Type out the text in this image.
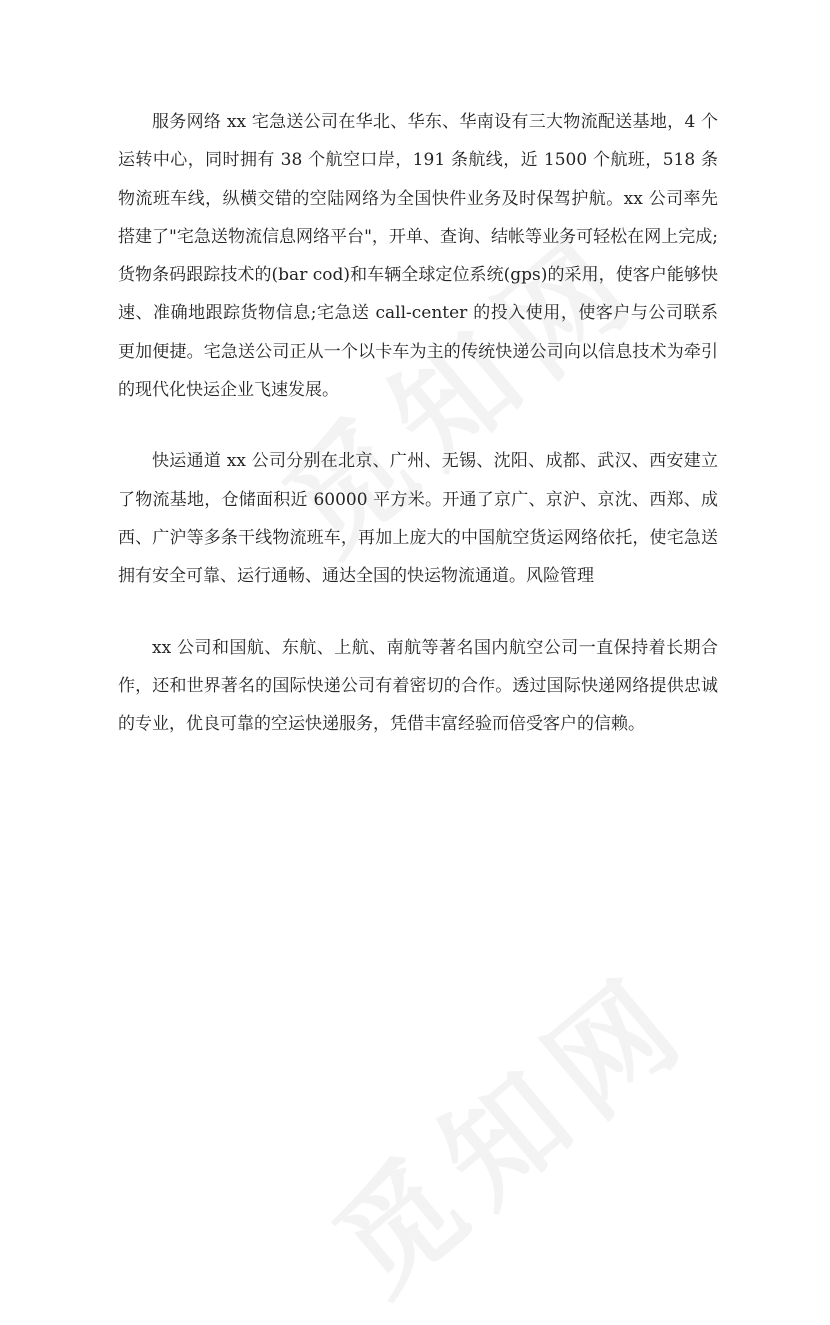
服务网络 xx 宅急送公司在华北、华东、华南设有三大物流配送基地，4 个运转中心，同时拥有 38 个航空口岸，191 条航线，近 1500 个航班，518 条物流班车线，纵横交错的空陆网络为全国快件业务及时保驾护航。xx 公司率先搭建了"宅急送物流信息网络平台"，开单、查询、结帐等业务可轻松在网上完成;货物条码跟踪技术的(bar cod)和车辆全球定位系统(gps)的采用，使客户能够快速、准确地跟踪货物信息;宅急送 call-center 的投入使用，使客户与公司联系更加便捷。宅急送公司正从一个以卡车为主的传统快递公司向以信息技术为牵引的现代化快运企业飞速发展。

快运通道 xx 公司分别在北京、广州、无锡、沈阳、成都、武汉、西安建立了物流基地，仓储面积近 60000 平方米。开通了京广、京沪、京沈、西郑、成西、广沪等多条干线物流班车，再加上庞大的中国航空货运网络依托，使宅急送拥有安全可靠、运行通畅、通达全国的快运物流通道。风险管理

xx 公司和国航、东航、上航、南航等著名国内航空公司一直保持着长期合作，还和世界著名的国际快递公司有着密切的合作。透过国际快递网络提供忠诚的专业，优良可靠的空运快递服务，凭借丰富经验而倍受客户的信赖。
